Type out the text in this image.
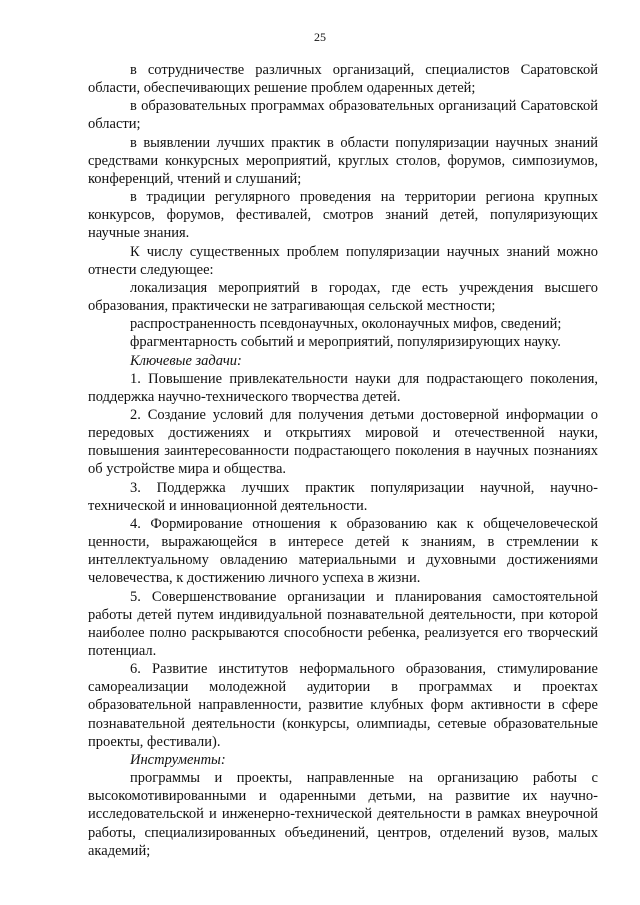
25

в сотрудничестве различных организаций, специалистов Саратовской области, обеспечивающих решение проблем одаренных детей;

в образовательных программах образовательных организаций Саратовской области;

в выявлении лучших практик в области популяризации научных знаний средствами конкурсных мероприятий, круглых столов, форумов, симпозиумов, конференций, чтений и слушаний;

в традиции регулярного проведения на территории региона крупных конкурсов, форумов, фестивалей, смотров знаний детей, популяризующих научные знания.

К числу существенных проблем популяризации научных знаний можно отнести следующее:

локализация мероприятий в городах, где есть учреждения высшего образования, практически не затрагивающая сельской местности;

распространенность псевдонаучных, околонаучных мифов, сведений;

фрагментарность событий и мероприятий, популяризирующих науку.

Ключевые задачи:

1. Повышение привлекательности науки для подрастающего поколения, поддержка научно-технического творчества детей.

2. Создание условий для получения детьми достоверной информации о передовых достижениях и открытиях мировой и отечественной науки, повышения заинтересованности подрастающего поколения в научных познаниях об устройстве мира и общества.

3. Поддержка лучших практик популяризации научной, научно-технической и инновационной деятельности.

4. Формирование отношения к образованию как к общечеловеческой ценности, выражающейся в интересе детей к знаниям, в стремлении к интеллектуальному овладению материальными и духовными достижениями человечества, к достижению личного успеха в жизни.

5. Совершенствование организации и планирования самостоятельной работы детей путем индивидуальной познавательной деятельности, при которой наиболее полно раскрываются способности ребенка, реализуется его творческий потенциал.

6. Развитие институтов неформального образования, стимулирование самореализации молодежной аудитории в программах и проектах образовательной направленности, развитие клубных форм активности в сфере познавательной деятельности (конкурсы, олимпиады, сетевые образовательные проекты, фестивали).

Инструменты:

программы и проекты, направленные на организацию работы с высокомотивированными и одаренными детьми, на развитие их научно-исследовательской и инженерно-технической деятельности в рамках внеурочной работы, специализированных объединений, центров, отделений вузов, малых академий;
